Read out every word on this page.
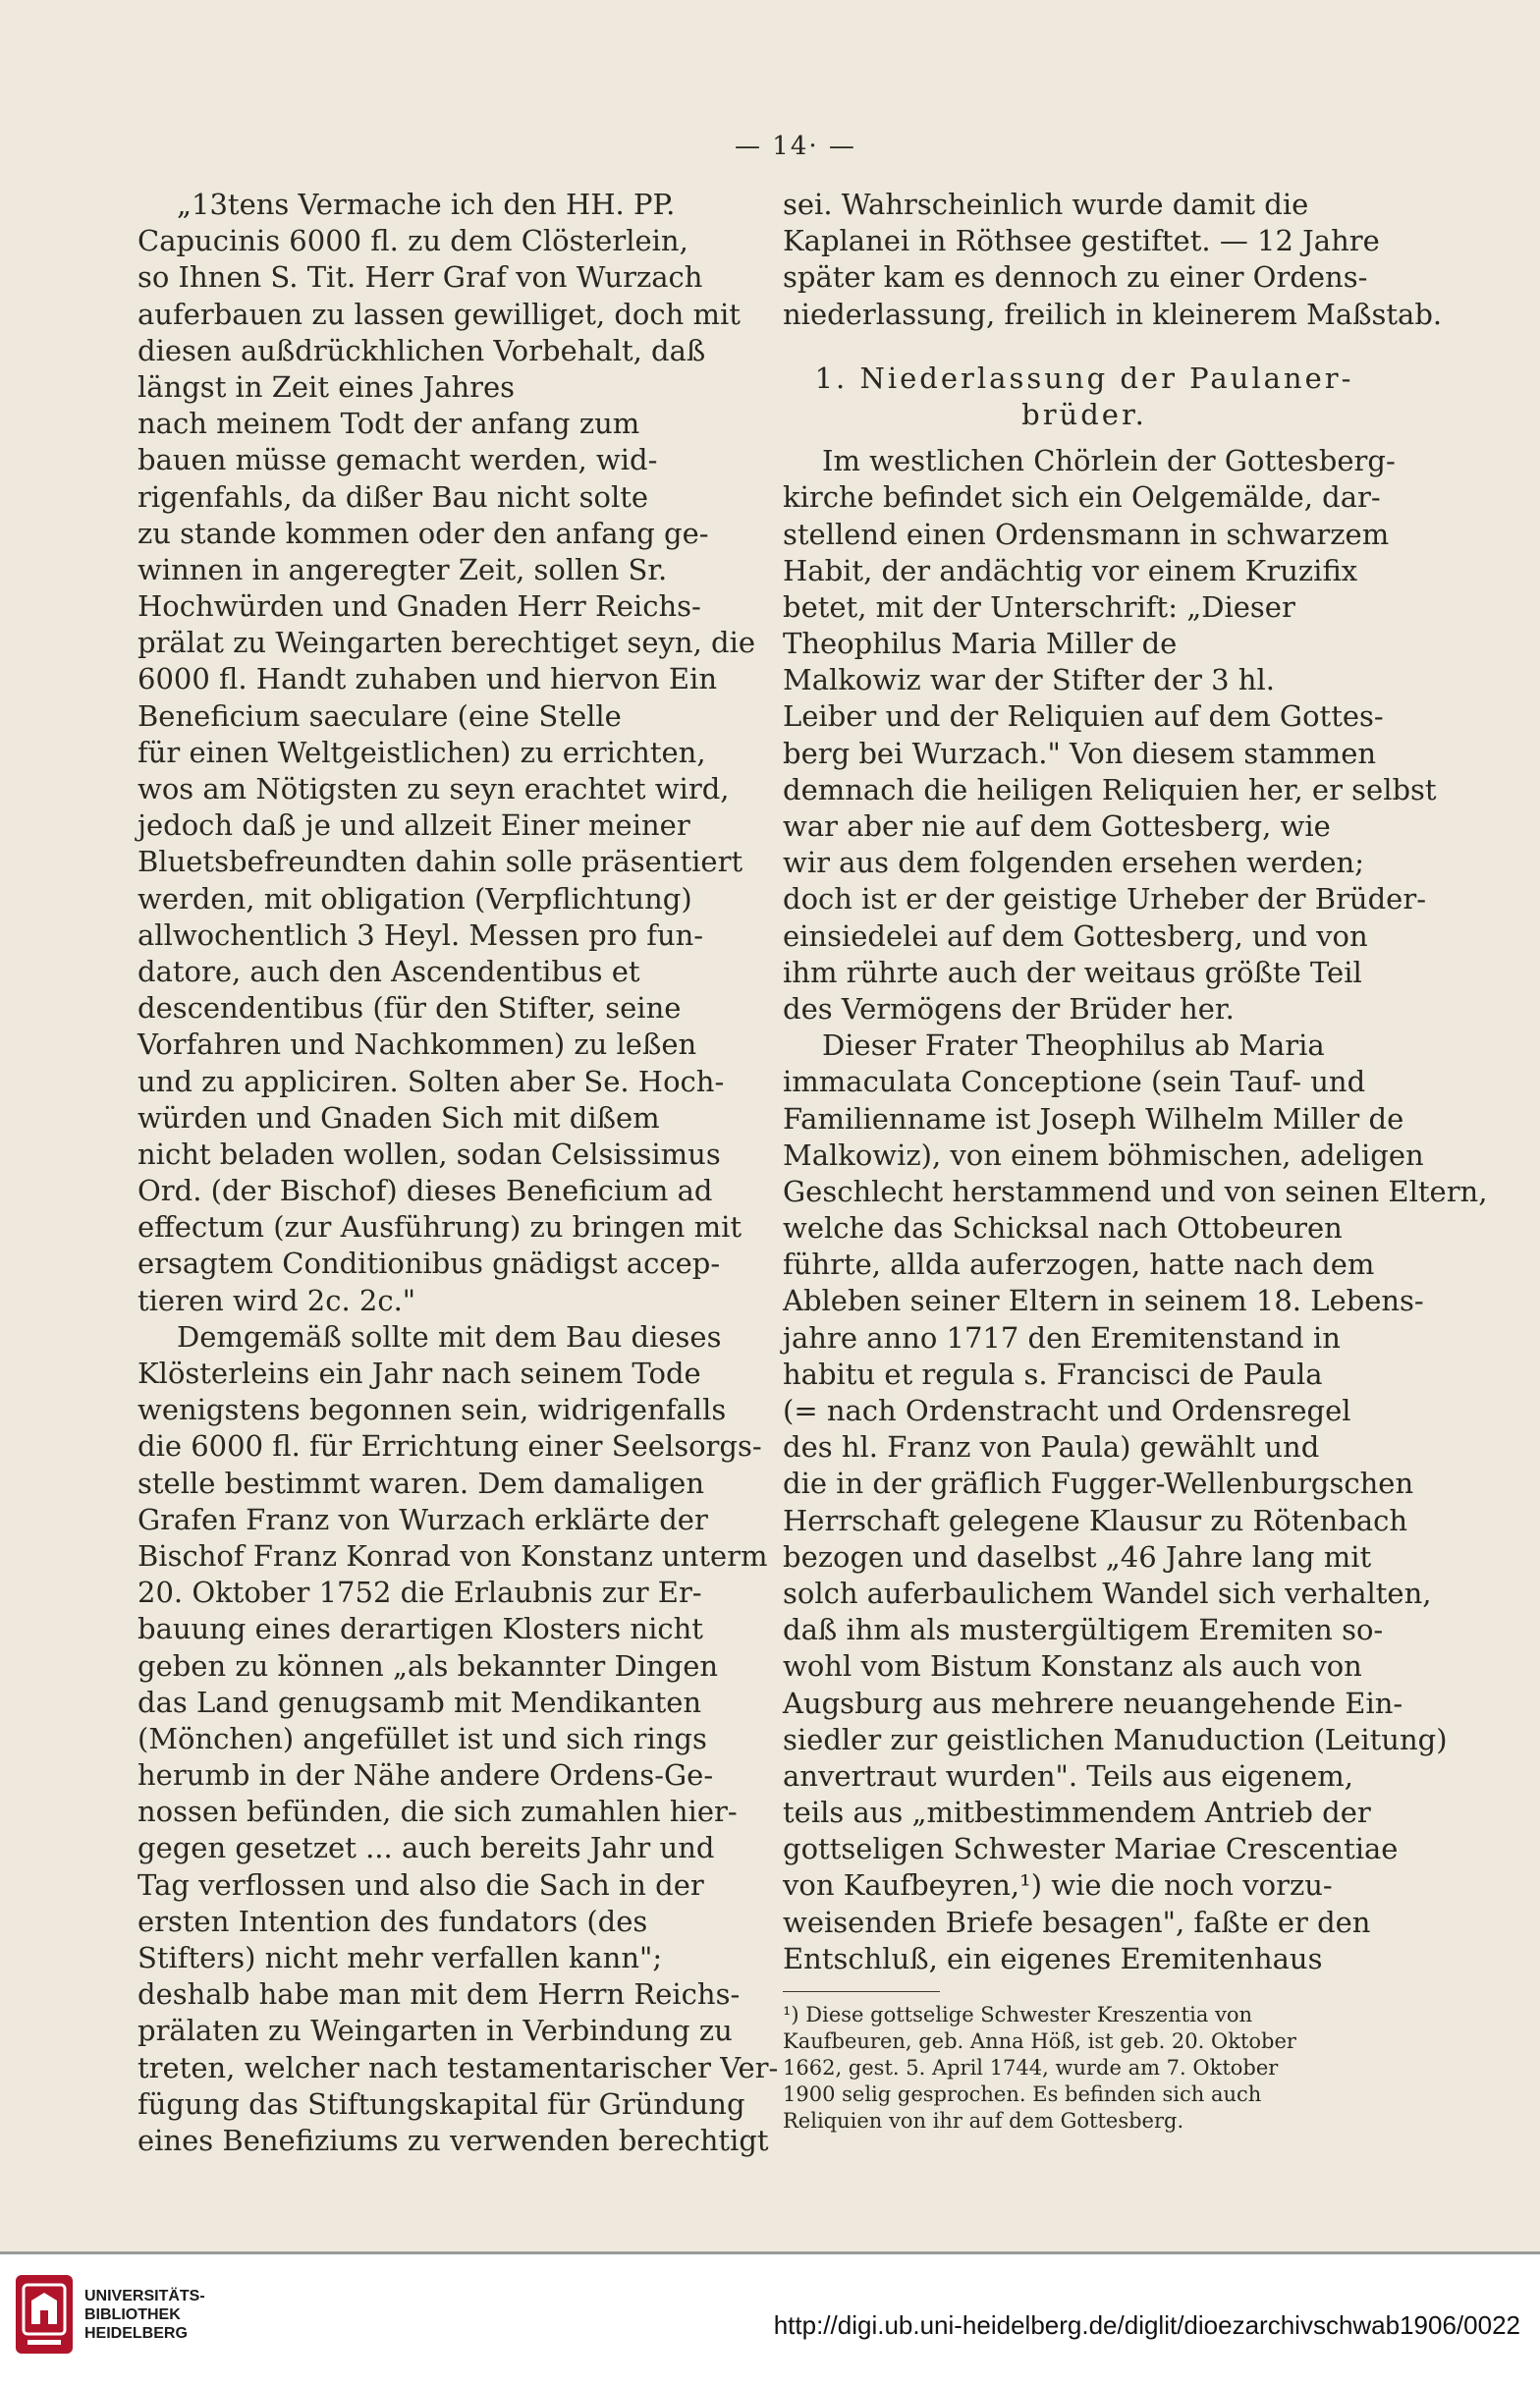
— 14· —
„13tens Vermache ich den HH. PP.
Capucinis 6000 fl. zu dem Clösterlein,
so Ihnen S. Tit. Herr Graf von Wurzach
auferbauen zu lassen gewilliget, doch mit
diesen außdrückhlichen Vorbehalt, daß
längst in Zeit eines Jahres
nach meinem Todt der anfang zum
bauen müsse gemacht werden, wid-
rigenfahls, da dißer Bau nicht solte
zu stande kommen oder den anfang ge-
winnen in angeregter Zeit, sollen Sr.
Hochwürden und Gnaden Herr Reichs-
prälat zu Weingarten berechtiget seyn, die
6000 fl. Handt zuhaben und hiervon Ein
Beneficium saeculare (eine Stelle
für einen Weltgeistlichen) zu errichten,
wos am Nötigsten zu seyn erachtet wird,
jedoch daß je und allzeit Einer meiner
Bluetsbefreundten dahin solle präsentiert
werden, mit obligation (Verpflichtung)
allwochentlich 3 Heyl. Messen pro fun-
datore, auch den Ascendentibus et
descendentibus (für den Stifter, seine
Vorfahren und Nachkommen) zu leßen
und zu appliciren. Solten aber Se. Hoch-
würden und Gnaden Sich mit dißem
nicht beladen wollen, sodan Celsissimus
Ord. (der Bischof) dieses Beneficium ad
effectum (zur Ausführung) zu bringen mit
ersagtem Conditionibus gnädigst accep-
tieren wird 2c. 2c."
Demgemäß sollte mit dem Bau dieses
Klösterleins ein Jahr nach seinem Tode
wenigstens begonnen sein, widrigenfalls
die 6000 fl. für Errichtung einer Seelsorgs-
stelle bestimmt waren. Dem damaligen
Grafen Franz von Wurzach erklärte der
Bischof Franz Konrad von Konstanz unterm
20. Oktober 1752 die Erlaubnis zur Er-
bauung eines derartigen Klosters nicht
geben zu können „als bekannter Dingen
das Land genugsamb mit Mendikanten
(Mönchen) angefüllet ist und sich rings
herumb in der Nähe andere Ordens-Ge-
nossen befünden, die sich zumahlen hier-
gegen gesetzet ... auch bereits Jahr und
Tag verflossen und also die Sach in der
ersten Intention des fundators (des
Stifters) nicht mehr verfallen kann";
deshalb habe man mit dem Herrn Reichs-
prälaten zu Weingarten in Verbindung zu
treten, welcher nach testamentarischer Ver-
fügung das Stiftungskapital für Gründung
eines Benefiziums zu verwenden berechtigt
sei. Wahrscheinlich wurde damit die
Kaplanei in Röthsee gestiftet. — 12 Jahre
später kam es dennoch zu einer Ordens-
niederlassung, freilich in kleinerem Maßstab.
1. Niederlassung der Paulaner-
brüder.
Im westlichen Chörlein der Gottesberg-
kirche befindet sich ein Oelgemälde, dar-
stellend einen Ordensmann in schwarzem
Habit, der andächtig vor einem Kruzifix
betet, mit der Unterschrift: „Dieser
Theophilus Maria Miller de
Malkowiz war der Stifter der 3 hl.
Leiber und der Reliquien auf dem Gottes-
berg bei Wurzach." Von diesem stammen
demnach die heiligen Reliquien her, er selbst
war aber nie auf dem Gottesberg, wie
wir aus dem folgenden ersehen werden;
doch ist er der geistige Urheber der Brüder-
einsiedelei auf dem Gottesberg, und von
ihm rührte auch der weitaus größte Teil
des Vermögens der Brüder her.
Dieser Frater Theophilus ab Maria
immaculata Conceptione (sein Tauf- und
Familienname ist Joseph Wilhelm Miller de
Malkowiz), von einem böhmischen, adeligen
Geschlecht herstammend und von seinen Eltern,
welche das Schicksal nach Ottobeuren
führte, allda auferzogen, hatte nach dem
Ableben seiner Eltern in seinem 18. Lebens-
jahre anno 1717 den Eremitenstand in
habitu et regula s. Francisci de Paula
(= nach Ordenstracht und Ordensregel
des hl. Franz von Paula) gewählt und
die in der gräflich Fugger-Wellenburgschen
Herrschaft gelegene Klausur zu Rötenbach
bezogen und daselbst „46 Jahre lang mit
solch auferbaulichem Wandel sich verhalten,
daß ihm als mustergültigem Eremiten so-
wohl vom Bistum Konstanz als auch von
Augsburg aus mehrere neuangehende Ein-
siedler zur geistlichen Manuduction (Leitung)
anvertraut wurden". Teils aus eigenem,
teils aus „mitbestimmendem Antrieb der
gottseligen Schwester Mariae Crescentiae
von Kaufbeyren,¹) wie die noch vorzu-
weisenden Briefe besagen", faßte er den
Entschluß, ein eigenes Eremitenhaus
¹) Diese gottselige Schwester Kreszentia von
Kaufbeuren, geb. Anna Höß, ist geb. 20. Oktober
1662, gest. 5. April 1744, wurde am 7. Oktober
1900 selig gesprochen. Es befinden sich auch
Reliquien von ihr auf dem Gottesberg.
UNIVERSITÄTS-
BIBLIOTHEK
HEIDELBERG	http://digi.ub.uni-heidelberg.de/diglit/dioezarchivschwab1906/0022
